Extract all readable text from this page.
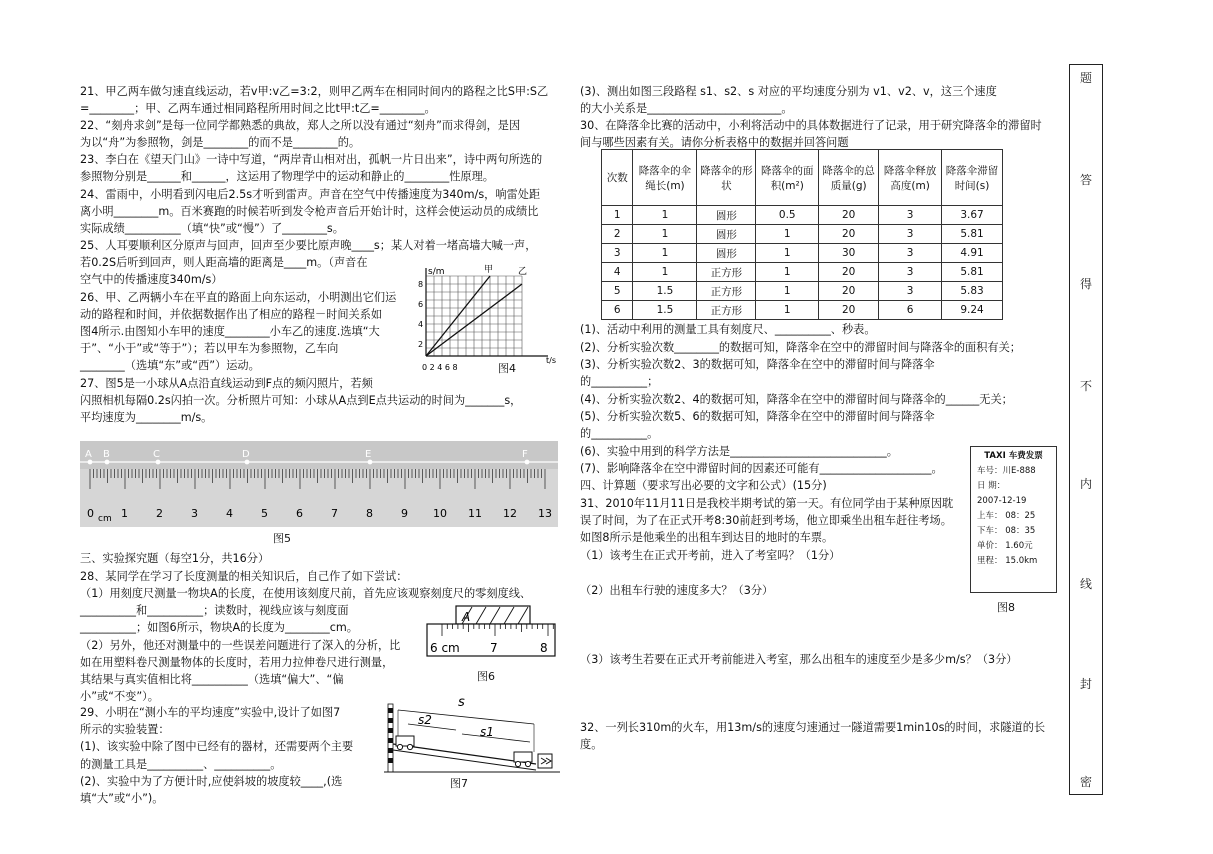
21、甲乙两车做匀速直线运动，若v甲:v乙=3:2，则甲乙两车在相同时间内的路程之比S甲:S乙
=________；甲、乙两车通过相同路程所用时间之比t甲:t乙=________。
22、“刻舟求剑”是每一位同学都熟悉的典故，郑人之所以没有通过“刻舟”而求得剑，是因
为以“舟”为参照物，剑是________的而不是________的。
23、李白在《望天门山》一诗中写道，“两岸青山相对出，孤帆一片日出来”，诗中两句所选的
参照物分别是______和______，这运用了物理学中的运动和静止的________性原理。
24、雷雨中，小明看到闪电后2.5s才听到雷声。声音在空气中传播速度为340m/s，响雷处距
离小明________m。百米赛跑的时候若听到发令枪声音后开始计时，这样会使运动员的成绩比
实际成绩__________（填“快”或“慢”）了________s。
25、人耳要顺利区分原声与回声，回声至少要比原声晚____s；某人对着一堵高墙大喊一声，
若0.2S后听到回声，则人距高墙的距离是____m。（声音在
空气中的传播速度340m/s）
26、甲、乙两辆小车在平直的路面上向东运动，小明测出它们运
动的路程和时间，并依据数据作出了相应的路程－时间关系如
图4所示.由图知小车甲的速度________小车乙的速度.选填“大
于”、“小于”或“等于”）；若以甲车为参照物，乙车向
________（选填“东”或“西”）运动。
27、图5是一小球从A点沿直线运动到F点的频闪照片，若频
闪照相机每隔0.2s闪拍一次。分析照片可知：小球从A点到E点共运动的时间为_______s，
平均速度为________m/s。
s/m	甲	乙
t/s
8
6
4
2
0 2 4 6 8	图4
A B	C	D	E	F
0 1	2	3	4	5	6	7	8	9 10 11 12 13
cm
图5
三、实验探究题（每空1分，共16分）
28、某同学在学习了长度测量的相关知识后，自己作了如下尝试：
（1）用刻度尺测量一物块A的长度，在使用该刻度尺前，首先应该观察刻度尺的零刻度线、
__________和__________；读数时，视线应该与刻度面
__________；如图6所示，物块A的长度为________cm。
（2）另外，他还对测量中的一些误差问题进行了深入的分析，比
如在用塑料卷尺测量物体的长度时，若用力拉伸卷尺进行测量，
其结果与真实值相比将__________（选填“偏大”、“偏
小”或“不变”）。
A
6 cm	7	8
图6
29、小明在“测小车的平均速度”实验中,设计了如图7
所示的实验装置：
(1)、该实验中除了图中已经有的器材，还需要两个主要
的测量工具是__________、__________。
(2)、实验中为了方便计时,应使斜坡的坡度较____,(选
填“大”或“小”)。
s
s2
s1
图7
(3)、测出如图三段路程 s1、s2、s 对应的平均速度分别为 v1、v2、v，这三个速度
的大小关系是________________________。
30、在降落伞比赛的活动中，小利将活动中的具体数据进行了记录，用于研究降落伞的滞留时
间与哪些因素有关。请你分析表格中的数据并回答问题
次数	降落伞的伞绳长(m)	降落伞的形状	降落伞的面积(m²)	降落伞的总质量(g)	降落伞释放高度(m)	降落伞滞留时间(s)
1	1	圆形	0.5	20	3	3.67
2	1	圆形	1	20	3	5.81
3	1	圆形	1	30	3	4.91
4	1	正方形	1	20	3	5.81
5	1.5	正方形	1	20	3	5.83
6	1.5	正方形	1	20	6	9.24
(1)、活动中利用的测量工具有刻度尺、__________、秒表。
(2)、分析实验次数________的数据可知，降落伞在空中的滞留时间与降落伞的面积有关；
(3)、分析实验次数2、3的数据可知，降落伞在空中的滞留时间与降落伞
的__________；
(4)、分析实验次数2、4的数据可知，降落伞在空中的滞留时间与降落伞的______无关；
(5)、分析实验次数5、6的数据可知，降落伞在空中的滞留时间与降落伞
的__________。
(6)、实验中用到的科学方法是____________________________。
(7)、影响降落伞在空中滞留时间的因素还可能有____________________。
四、计算题（要求写出必要的文字和公式）(15分)
31、2010年11月11日是我校半期考试的第一天。有位同学由于某种原因耽
误了时间，为了在正式开考8:30前赶到考场，他立即乘坐出租车赶往考场。
如图8所示是他乘坐的出租车到达目的地时的车票。
（1）该考生在正式开考前，进入了考室吗？（1分）
（2）出租车行驶的速度多大？（3分）
（3）该考生若要在正式开考前能进入考室，那么出租车的速度至少是多少m/s？（3分）
32、一列长310m的火车，用13m/s的速度匀速通过一隧道需要1min10s的时间，求隧道的长
度。
TAXI 车费发票
车号：川E-888
日 期：
2007-12-19
上车： 08：25
下车： 08：35
单价： 1.60元
里程： 15.0km
图8
题
答
得
不
内
线
封
密
